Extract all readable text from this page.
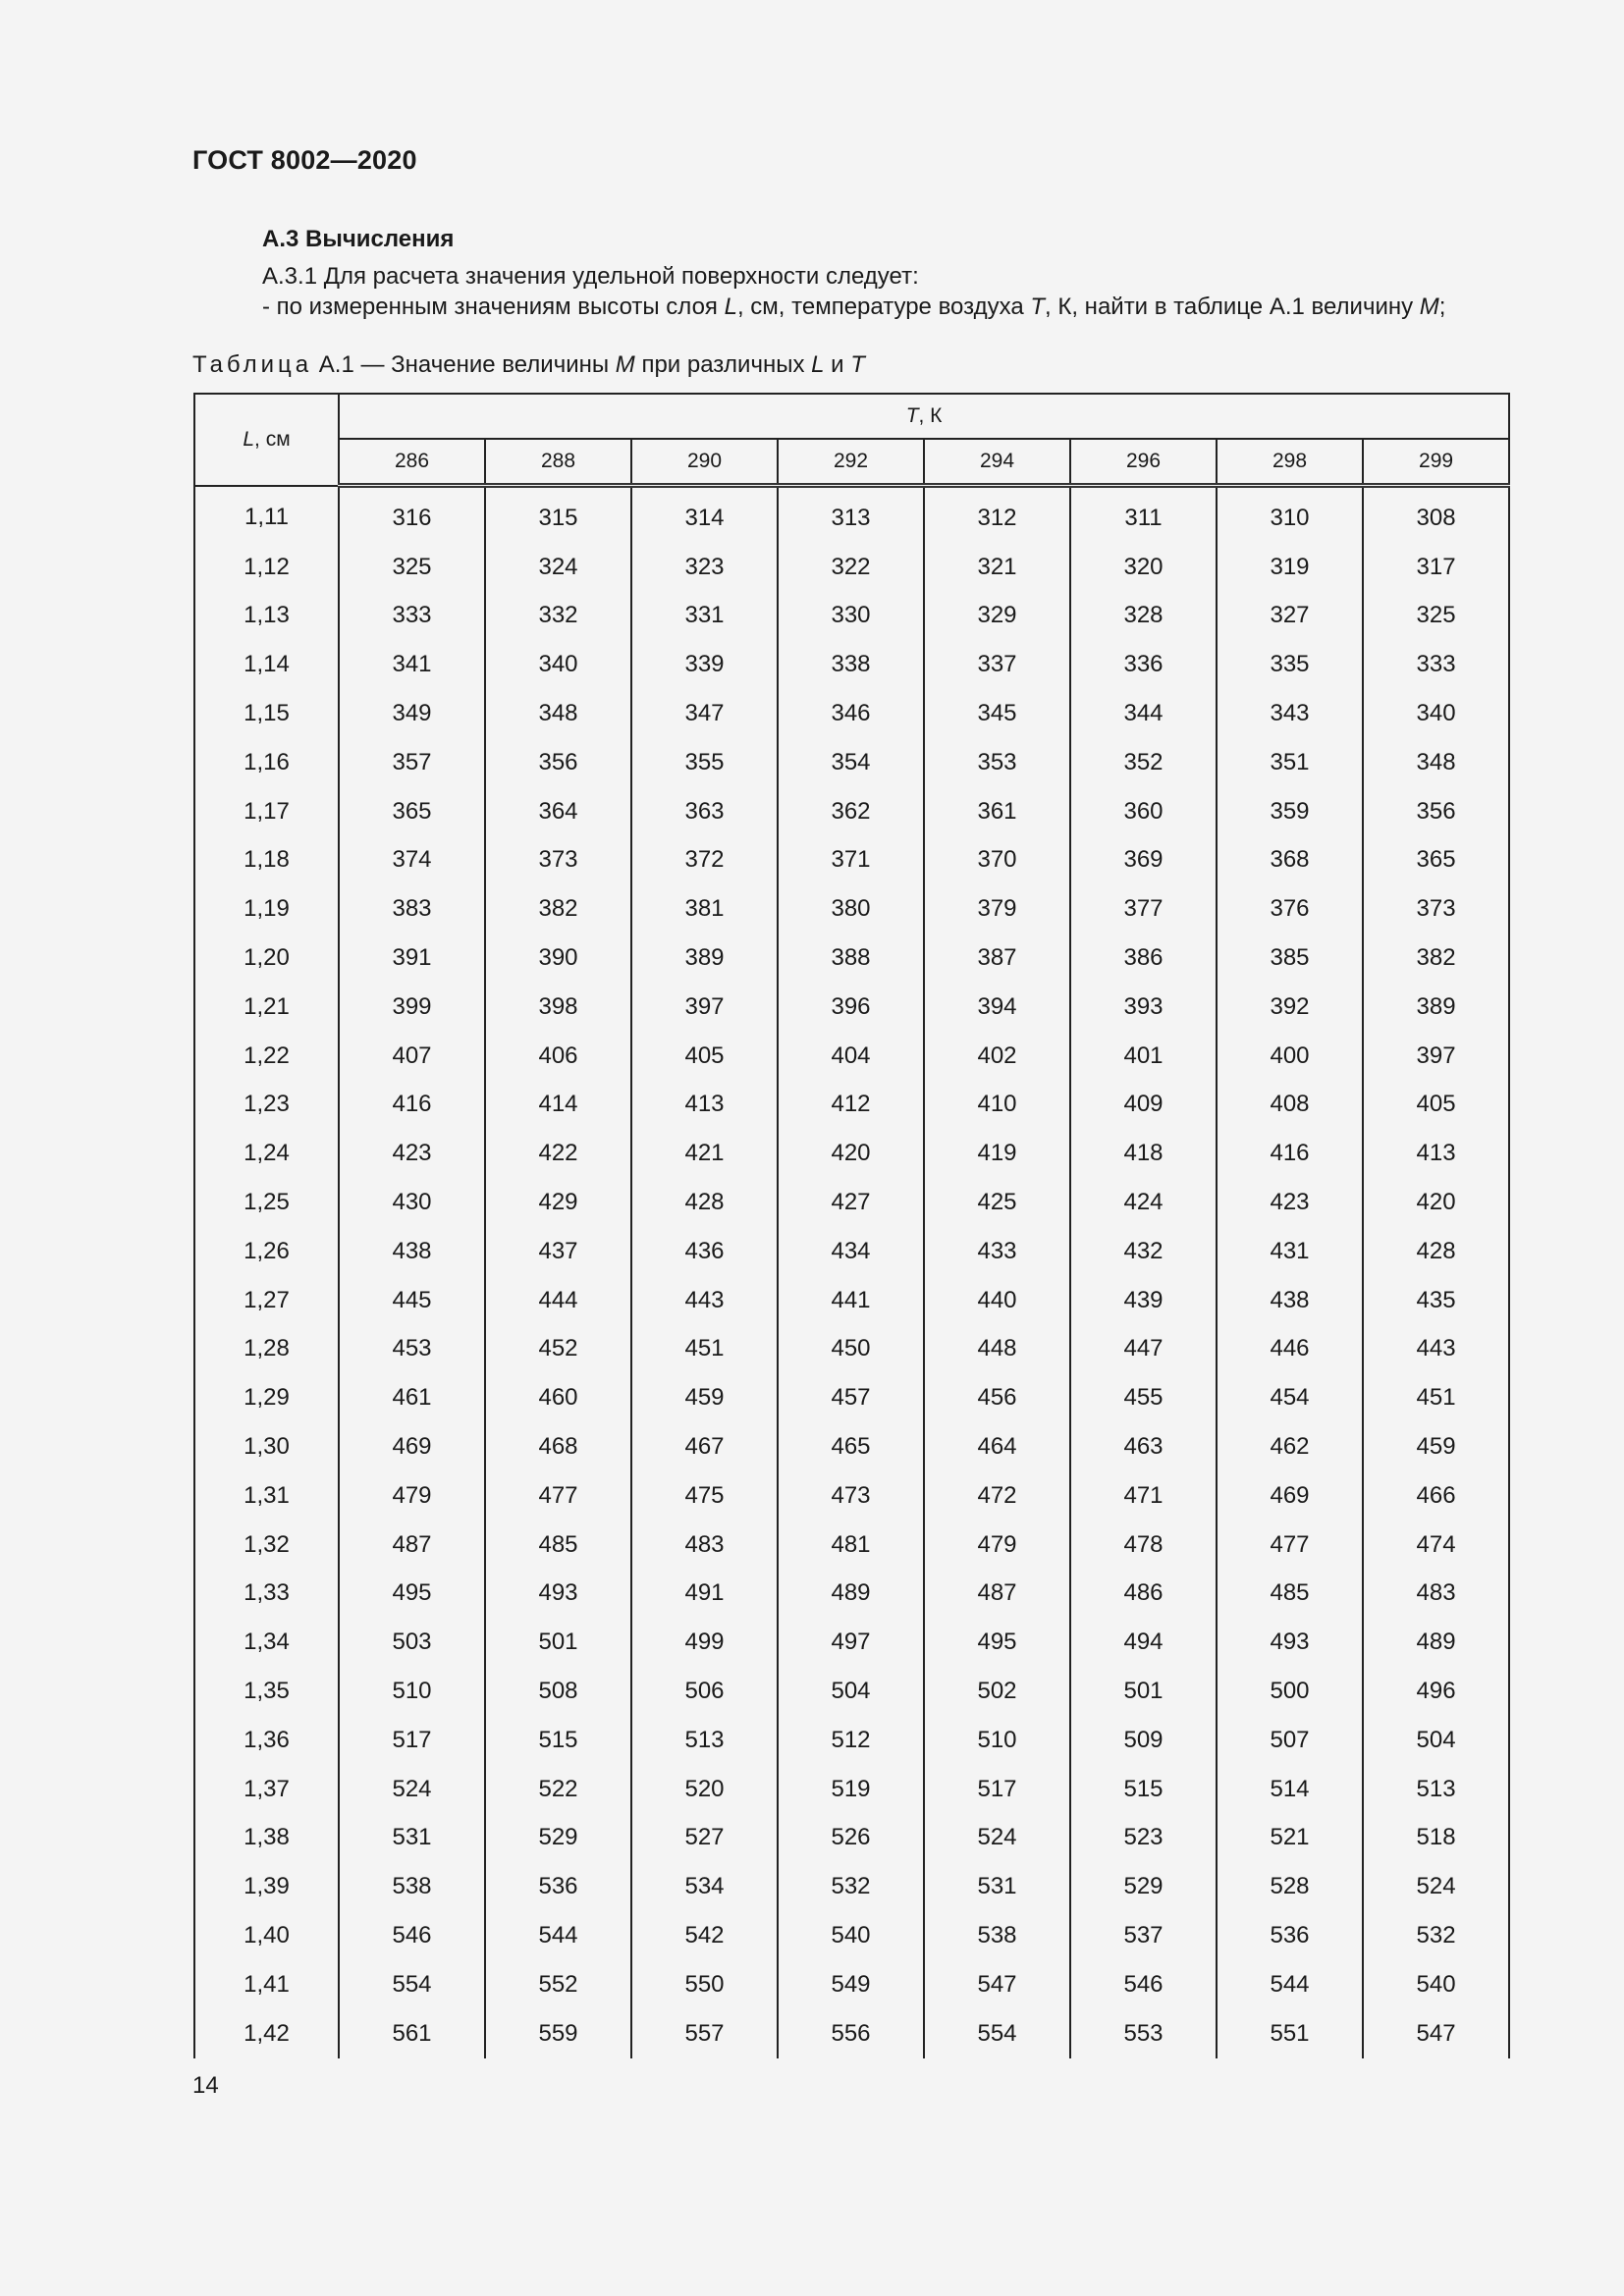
ГОСТ 8002—2020
А.3 Вычисления
А.3.1 Для расчета значения удельной поверхности следует:
- по измеренным значениям высоты слоя L, см, температуре воздуха T, К, найти в таблице А.1 величину M;
Таблица А.1 — Значение величины M при различных L и T
L, см	T, К							
	286	288	290	292	294	296	298	299
1,11	316	315	314	313	312	311	310	308
1,12	325	324	323	322	321	320	319	317
1,13	333	332	331	330	329	328	327	325
1,14	341	340	339	338	337	336	335	333
1,15	349	348	347	346	345	344	343	340
1,16	357	356	355	354	353	352	351	348
1,17	365	364	363	362	361	360	359	356
1,18	374	373	372	371	370	369	368	365
1,19	383	382	381	380	379	377	376	373
1,20	391	390	389	388	387	386	385	382
1,21	399	398	397	396	394	393	392	389
1,22	407	406	405	404	402	401	400	397
1,23	416	414	413	412	410	409	408	405
1,24	423	422	421	420	419	418	416	413
1,25	430	429	428	427	425	424	423	420
1,26	438	437	436	434	433	432	431	428
1,27	445	444	443	441	440	439	438	435
1,28	453	452	451	450	448	447	446	443
1,29	461	460	459	457	456	455	454	451
1,30	469	468	467	465	464	463	462	459
1,31	479	477	475	473	472	471	469	466
1,32	487	485	483	481	479	478	477	474
1,33	495	493	491	489	487	486	485	483
1,34	503	501	499	497	495	494	493	489
1,35	510	508	506	504	502	501	500	496
1,36	517	515	513	512	510	509	507	504
1,37	524	522	520	519	517	515	514	513
1,38	531	529	527	526	524	523	521	518
1,39	538	536	534	532	531	529	528	524
1,40	546	544	542	540	538	537	536	532
1,41	554	552	550	549	547	546	544	540
1,42	561	559	557	556	554	553	551	547
14
